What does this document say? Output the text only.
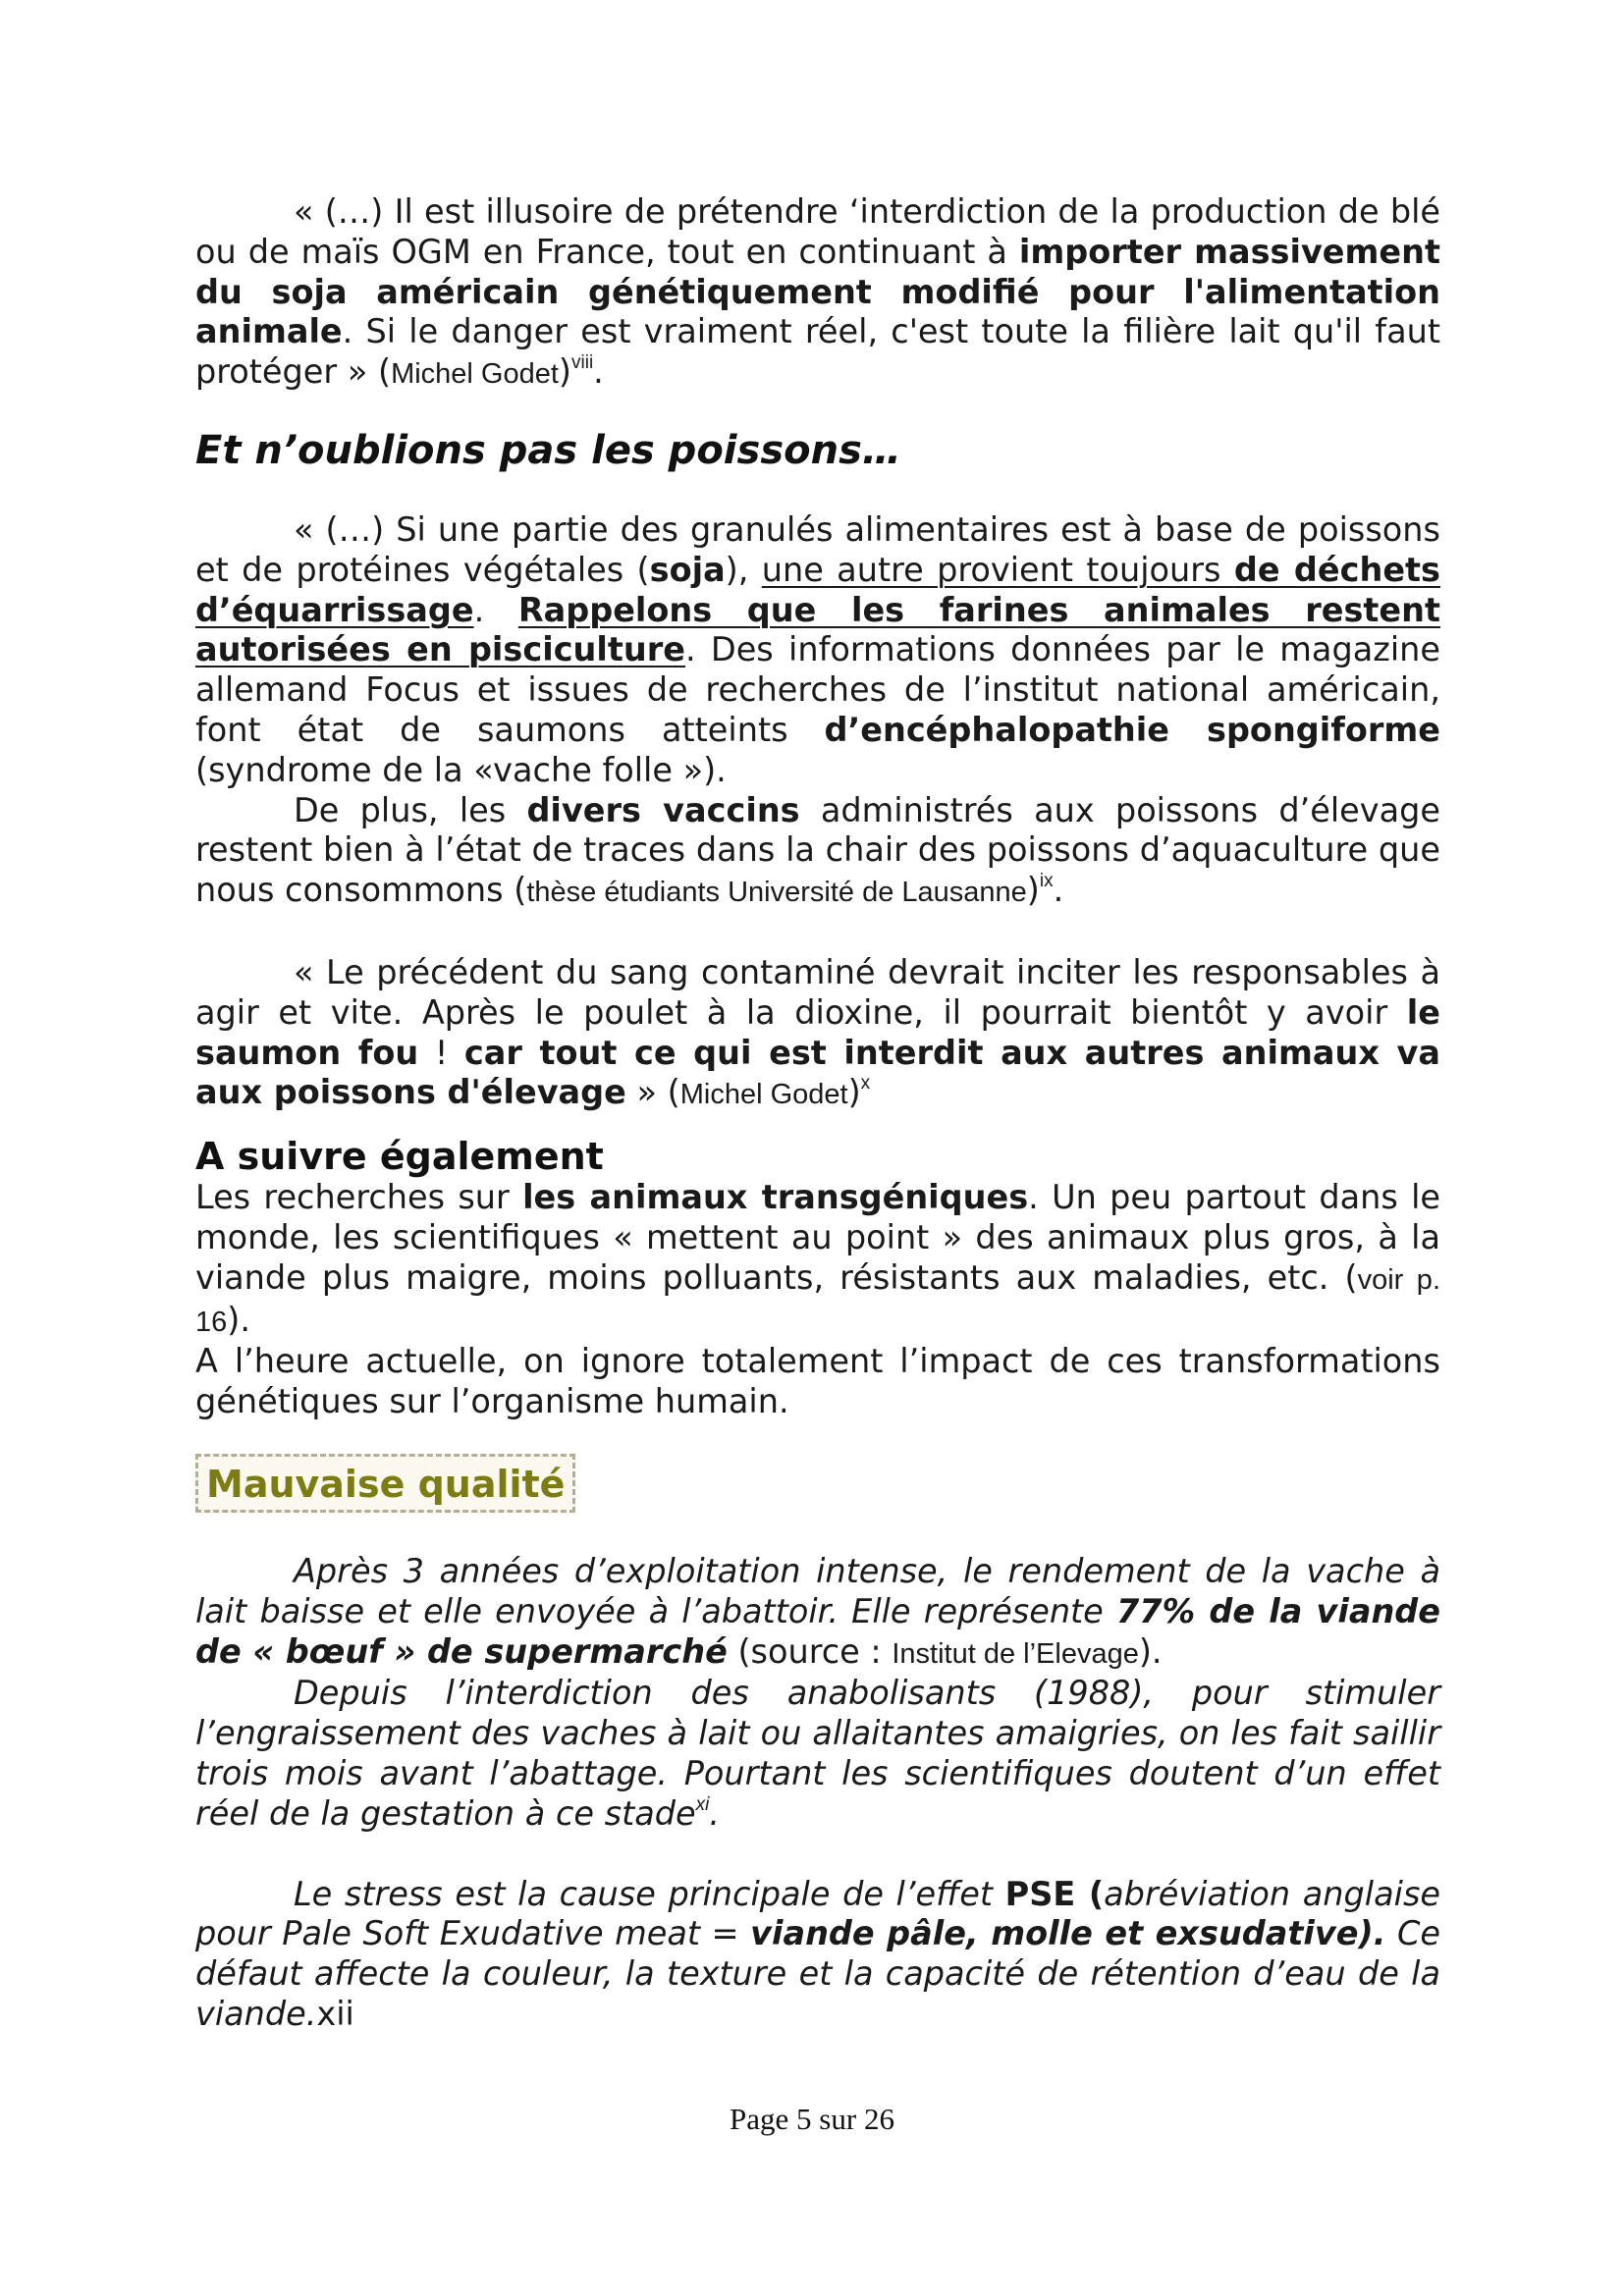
« (…) Il est illusoire de prétendre ‘interdiction de la production de blé ou de maïs OGM en France, tout en continuant à importer massivement du soja américain génétiquement modifié pour l'alimentation animale. Si le danger est vraiment réel, c'est toute la filière lait qu'il faut protéger » (Michel Godet)$^{viii}$.

Et n’oublions pas les poissons…

« (…) Si une partie des granulés alimentaires est à base de poissons et de protéines végétales (soja), une autre provient toujours de déchets d’équarrissage. Rappelons que les farines animales restent autorisées en pisciculture. Des informations données par le magazine allemand Focus et issues de recherches de l’institut national américain, font état de saumons atteints d’encéphalopathie spongiforme (syndrome de la «vache folle »).

De plus, les divers vaccins administrés aux poissons d’élevage restent bien à l’état de traces dans la chair des poissons d’aquaculture que nous consommons (thèse étudiants Université de Lausanne)$^{ix}$.

« Le précédent du sang contaminé devrait inciter les responsables à agir et vite. Après le poulet à la dioxine, il pourrait bientôt y avoir le saumon fou ! car tout ce qui est interdit aux autres animaux va aux poissons d'élevage » (Michel Godet)$^x$

A suivre également

Les recherches sur les animaux transgéniques. Un peu partout dans le monde, les scientifiques « mettent au point » des animaux plus gros, à la viande plus maigre, moins polluants, résistants aux maladies, etc. (voir p. 16).

A l’heure actuelle, on ignore totalement l’impact de ces transformations génétiques sur l’organisme humain.

Mauvaise qualité

Après 3 années d’exploitation intense, le rendement de la vache à lait baisse et elle envoyée à l’abattoir. Elle représente 77% de la viande de « bœuf » de supermarché (source : Institut de l’Elevage).

Depuis l’interdiction des anabolisants (1988), pour stimuler l’engraissement des vaches à lait ou allaitantes amaigries, on les fait saillir trois mois avant l’abattage. Pourtant les scientifiques doutent d’un effet réel de la gestation à ce stade$^{xi}$.

Le stress est la cause principale de l’effet PSE (abréviation anglaise pour Pale Soft Exudative meat = viande pâle, molle et exsudative). Ce défaut affecte la couleur, la texture et la capacité de rétention d’eau de la viande.xii

Page 5 sur 26
